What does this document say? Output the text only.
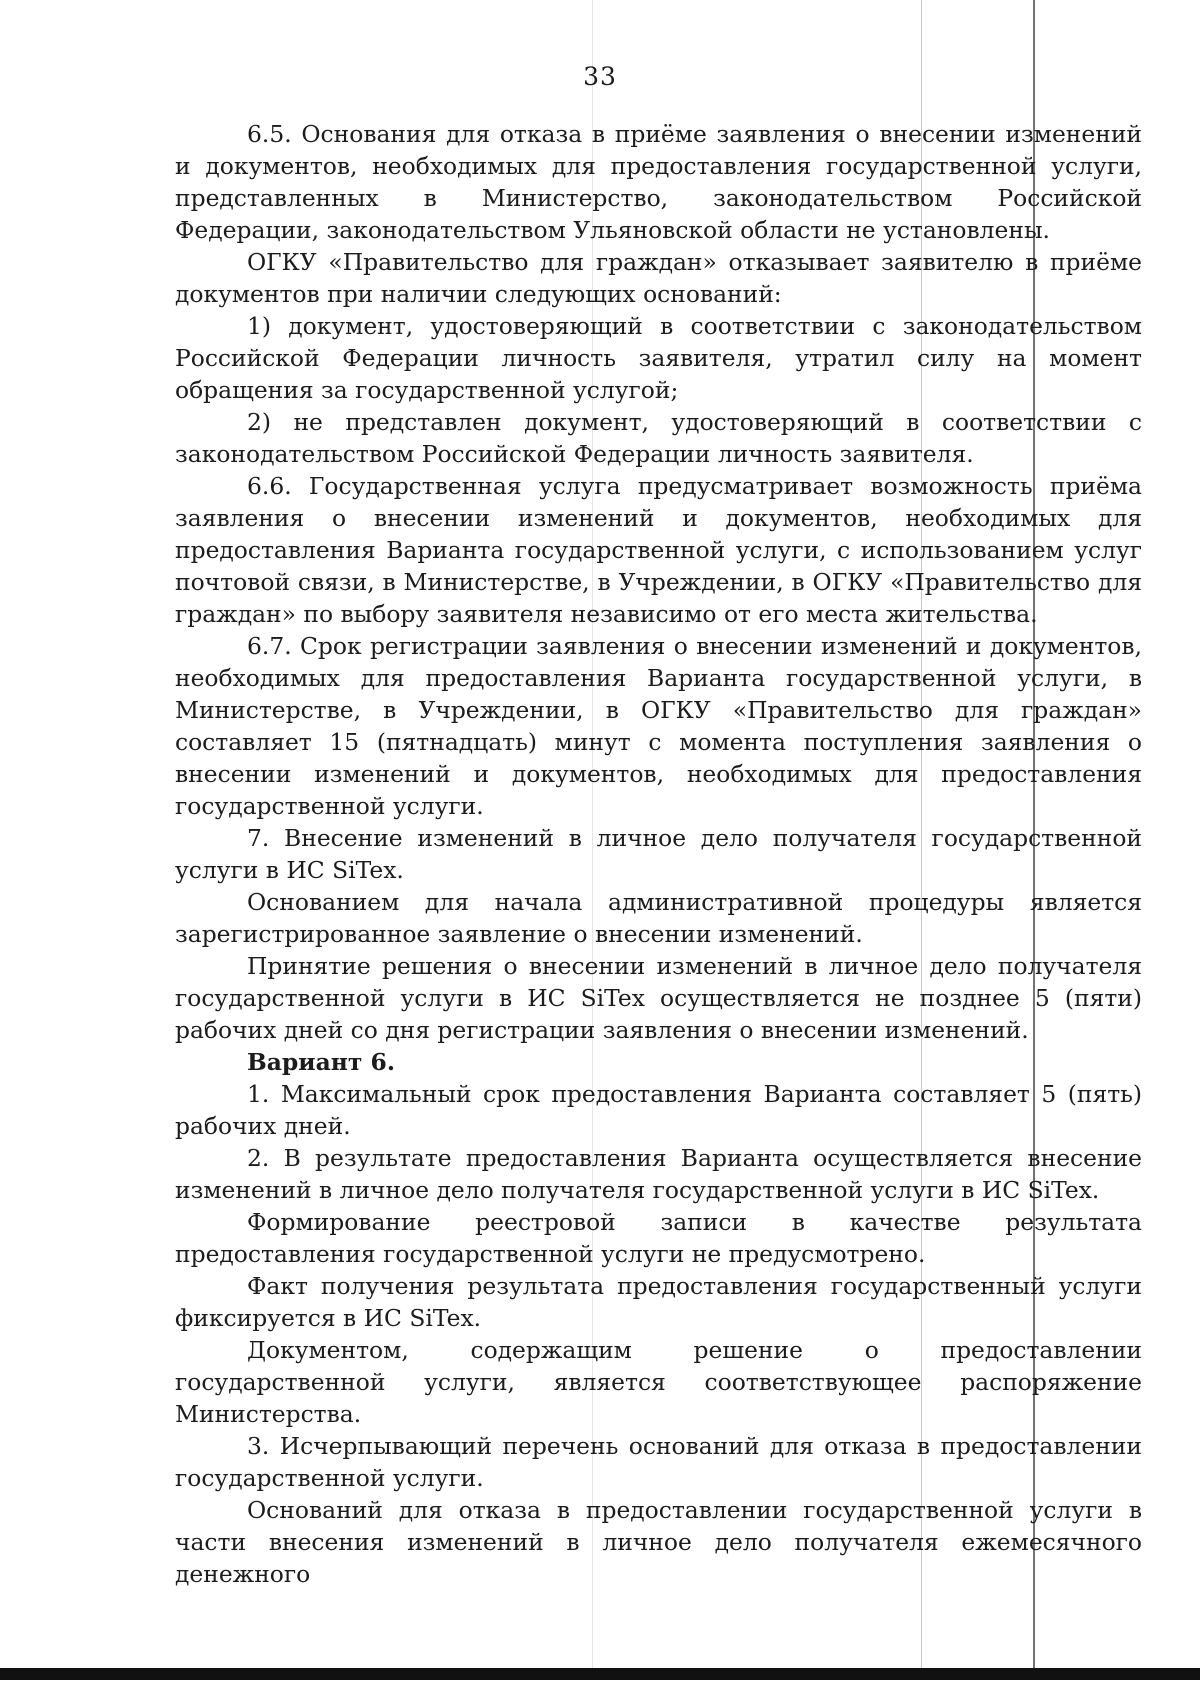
33

6.5. Основания для отказа в приёме заявления о внесении изменений и документов, необходимых для предоставления государственной услуги, представленных в Министерство, законодательством Российской Федерации, законодательством Ульяновской области не установлены.

ОГКУ «Правительство для граждан» отказывает заявителю в приёме документов при наличии следующих оснований:

1) документ, удостоверяющий в соответствии с законодательством Российской Федерации личность заявителя, утратил силу на момент обращения за государственной услугой;

2) не представлен документ, удостоверяющий в соответствии с законодательством Российской Федерации личность заявителя.

6.6. Государственная услуга предусматривает возможность приёма заявления о внесении изменений и документов, необходимых для предоставления Варианта государственной услуги, с использованием услуг почтовой связи, в Министерстве, в Учреждении, в ОГКУ «Правительство для граждан» по выбору заявителя независимо от его места жительства.

6.7. Срок регистрации заявления о внесении изменений и документов, необходимых для предоставления Варианта государственной услуги, в Министерстве, в Учреждении, в ОГКУ «Правительство для граждан» составляет 15 (пятнадцать) минут с момента поступления заявления о внесении изменений и документов, необходимых для предоставления государственной услуги.

7. Внесение изменений в личное дело получателя государственной услуги в ИС SiTex.

Основанием для начала административной процедуры является зарегистрированное заявление о внесении изменений.

Принятие решения о внесении изменений в личное дело получателя государственной услуги в ИС SiTex осуществляется не позднее 5 (пяти) рабочих дней со дня регистрации заявления о внесении изменений.

Вариант 6.

1. Максимальный срок предоставления Варианта составляет 5 (пять) рабочих дней.

2. В результате предоставления Варианта осуществляется внесение изменений в личное дело получателя государственной услуги в ИС SiTex.

Формирование реестровой записи в качестве результата предоставления государственной услуги не предусмотрено.

Факт получения результата предоставления государственный услуги фиксируется в ИС SiTex.

Документом, содержащим решение о предоставлении государственной услуги, является соответствующее распоряжение Министерства.

3. Исчерпывающий перечень оснований для отказа в предоставлении государственной услуги.

Оснований для отказа в предоставлении государственной услуги в части внесения изменений в личное дело получателя ежемесячного денежного
